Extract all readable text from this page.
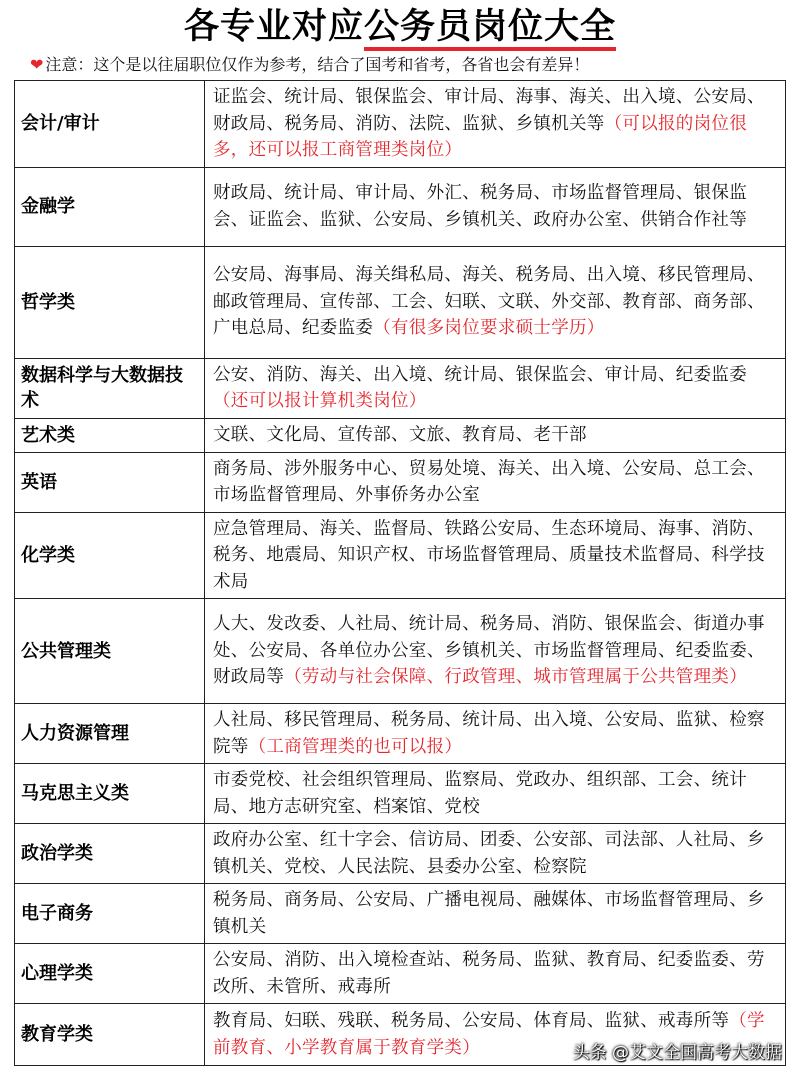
各专业对应公务员岗位大全
❤ 注意：这个是以往届职位仅作为参考，结合了国考和省考，各省也会有差异！
会计/审计	证监会、统计局、银保监会、审计局、海事、海关、出入境、公安局、财政局、税务局、消防、法院、监狱、乡镇机关等（可以报的岗位很多，还可以报工商管理类岗位）
金融学	财政局、统计局、审计局、外汇、税务局、市场监督管理局、银保监会、证监会、监狱、公安局、乡镇机关、政府办公室、供销合作社等
哲学类	公安局、海事局、海关缉私局、海关、税务局、出入境、移民管理局、邮政管理局、宣传部、工会、妇联、文联、外交部、教育部、商务部、广电总局、纪委监委（有很多岗位要求硕士学历）
数据科学与大数据技术	公安、消防、海关、出入境、统计局、银保监会、审计局、纪委监委（还可以报计算机类岗位）
艺术类	文联、文化局、宣传部、文旅、教育局、老干部
英语	商务局、涉外服务中心、贸易处境、海关、出入境、公安局、总工会、市场监督管理局、外事侨务办公室
化学类	应急管理局、海关、监督局、铁路公安局、生态环境局、海事、消防、税务、地震局、知识产权、市场监督管理局、质量技术监督局、科学技术局
公共管理类	人大、发改委、人社局、统计局、税务局、消防、银保监会、街道办事处、公安局、各单位办公室、乡镇机关、市场监督管理局、纪委监委、财政局等（劳动与社会保障、行政管理、城市管理属于公共管理类）
人力资源管理	人社局、移民管理局、税务局、统计局、出入境、公安局、监狱、检察院等（工商管理类的也可以报）
马克思主义类	市委党校、社会组织管理局、监察局、党政办、组织部、工会、统计局、地方志研究室、档案馆、党校
政治学类	政府办公室、红十字会、信访局、团委、公安部、司法部、人社局、乡镇机关、党校、人民法院、县委办公室、检察院
电子商务	税务局、商务局、公安局、广播电视局、融媒体、市场监督管理局、乡镇机关
心理学类	公安局、消防、出入境检查站、税务局、监狱、教育局、纪委监委、劳改所、未管所、戒毒所
教育学类	教育局、妇联、残联、税务局、公安局、体育局、监狱、戒毒所等（学前教育、小学教育属于教育学类）	头条 @艾文全国高考大数据
